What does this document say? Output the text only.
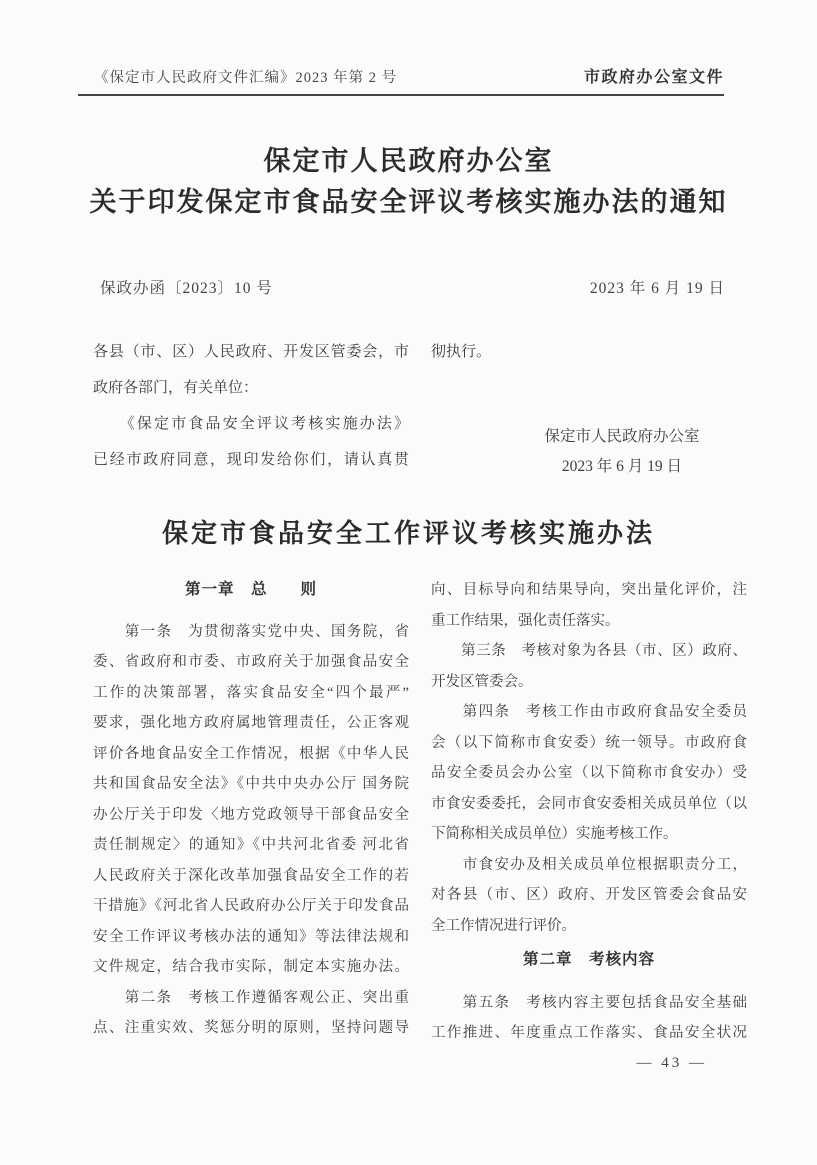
《保定市人民政府文件汇编》2023 年第 2 号	市政府办公室文件
保定市人民政府办公室
关于印发保定市食品安全评议考核实施办法的通知
保政办函〔2023〕10 号	2023 年 6 月 19 日
各县（市、区）人民政府、开发区管委会，市
政府各部门，有关单位：
　　《保定市食品安全评议考核实施办法》
已经市政府同意，现印发给你们，请认真贯
彻执行。
保定市人民政府办公室
2023 年 6 月 19 日
保定市食品安全工作评议考核实施办法
第一章　总　　则
　　第一条　为贯彻落实党中央、国务院，省
委、省政府和市委、市政府关于加强食品安全
工作的决策部署，落实食品安全“四个最严”
要求，强化地方政府属地管理责任，公正客观
评价各地食品安全工作情况，根据《中华人民
共和国食品安全法》《中共中央办公厅 国务院
办公厅关于印发〈地方党政领导干部食品安全
责任制规定〉的通知》《中共河北省委 河北省
人民政府关于深化改革加强食品安全工作的若
干措施》《河北省人民政府办公厅关于印发食品
安全工作评议考核办法的通知》等法律法规和
文件规定，结合我市实际，制定本实施办法。
　　第二条　考核工作遵循客观公正、突出重
点、注重实效、奖惩分明的原则，坚持问题导
向、目标导向和结果导向，突出量化评价，注
重工作结果，强化责任落实。
　　第三条　考核对象为各县（市、区）政府、
开发区管委会。
　　第四条　考核工作由市政府食品安全委员
会（以下简称市食安委）统一领导。市政府食
品安全委员会办公室（以下简称市食安办）受
市食安委委托，会同市食安委相关成员单位（以
下简称相关成员单位）实施考核工作。
　　市食安办及相关成员单位根据职责分工，
对各县（市、区）政府、开发区管委会食品安
全工作情况进行评价。
第二章　考核内容
　　第五条　考核内容主要包括食品安全基础
工作推进、年度重点工作落实、食品安全状况
— 43 —
